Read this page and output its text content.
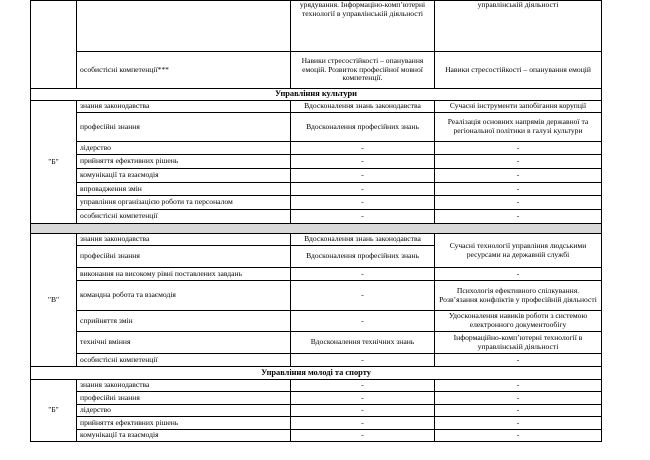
		урядування. Інформаціно-комп’ютерні технології в управлінській діяльності	управлінській діяльності
	особистісні компетенції***	Навики стресостійкості – опанування емоцій. Розвиток професійної мовної компетенції.	Навики стресостійкості – опанування емоцій
Управління культури			
"Б"	знання законодавства	Вдосконалення знань законодавства	Сучасні інструменти запобігання корупції
	професійні знання	Вдосконалення професійних знань	Реалізація основних напрямів державної та регіональної політики в галузі культури
	лідерство	-	-
	прийняття ефективних рішень	-	-
	комунікації та взаємодія	-	-
	впровадження змін	-	-
	управління організацією роботи та персоналом	-	-
	особистісні компетенції	-	-

"В"	знання законодавства	Вдосконалення знань законодавства	Сучасні технології управління людськими ресурсами на державній службі
	професійні знання	Вдосконалення професійних знань	
	виконання на високому рівні поставлених завдань	-	-
	командна робота та взаємодія	-	Психологія ефективного спілкування. Розв’язання конфліктів у професійній діяльності
	сприйняття змін	-	Удосконалення навиків роботи з системою електронного документообігу
	технічні вміння	Вдосконалення технічних знань	Інформаційно-комп’ютерні технології в управлінській діяльності
	особистісні компетенції	-	-
Управління молоді та спорту			
"Б"	знання законодавства	-	-
	професійні знання	-	-
	лідерство	-	-
	прийняття ефективних рішень	-	-
	комунікації та взаємодія	-	-
